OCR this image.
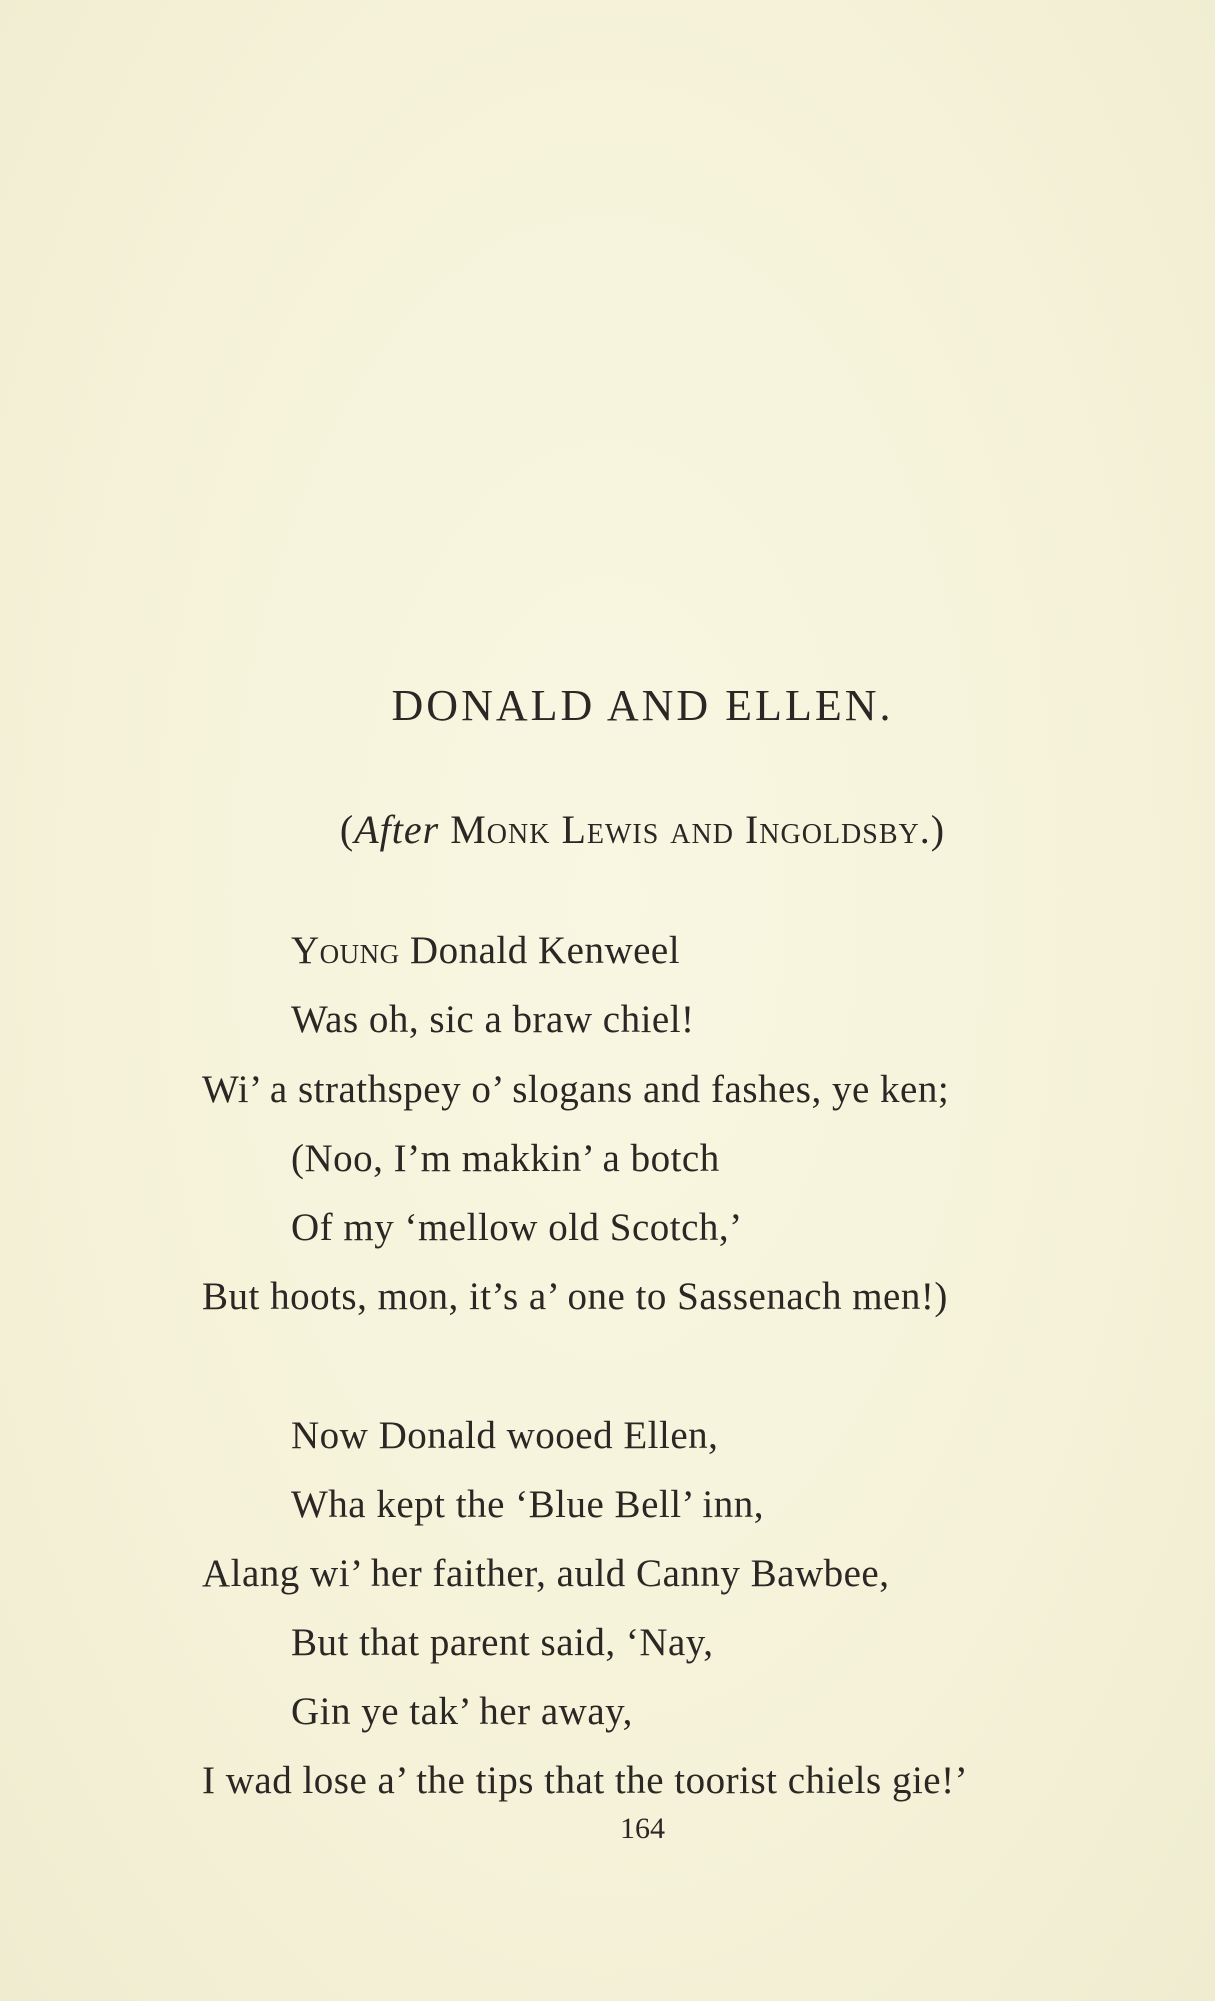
DONALD AND ELLEN.
(After Monk Lewis and Ingoldsby.)
Young Donald Kenweel
Was oh, sic a braw chiel!
Wi’ a strathspey o’ slogans and fashes, ye ken;
(Noo, I’m makkin’ a botch
Of my ‘mellow old Scotch,’
But hoots, mon, it’s a’ one to Sassenach men!)
Now Donald wooed Ellen,
Wha kept the ‘Blue Bell’ inn,
Alang wi’ her faither, auld Canny Bawbee,
But that parent said, ‘Nay,
Gin ye tak’ her away,
I wad lose a’ the tips that the toorist chiels gie!’
164
